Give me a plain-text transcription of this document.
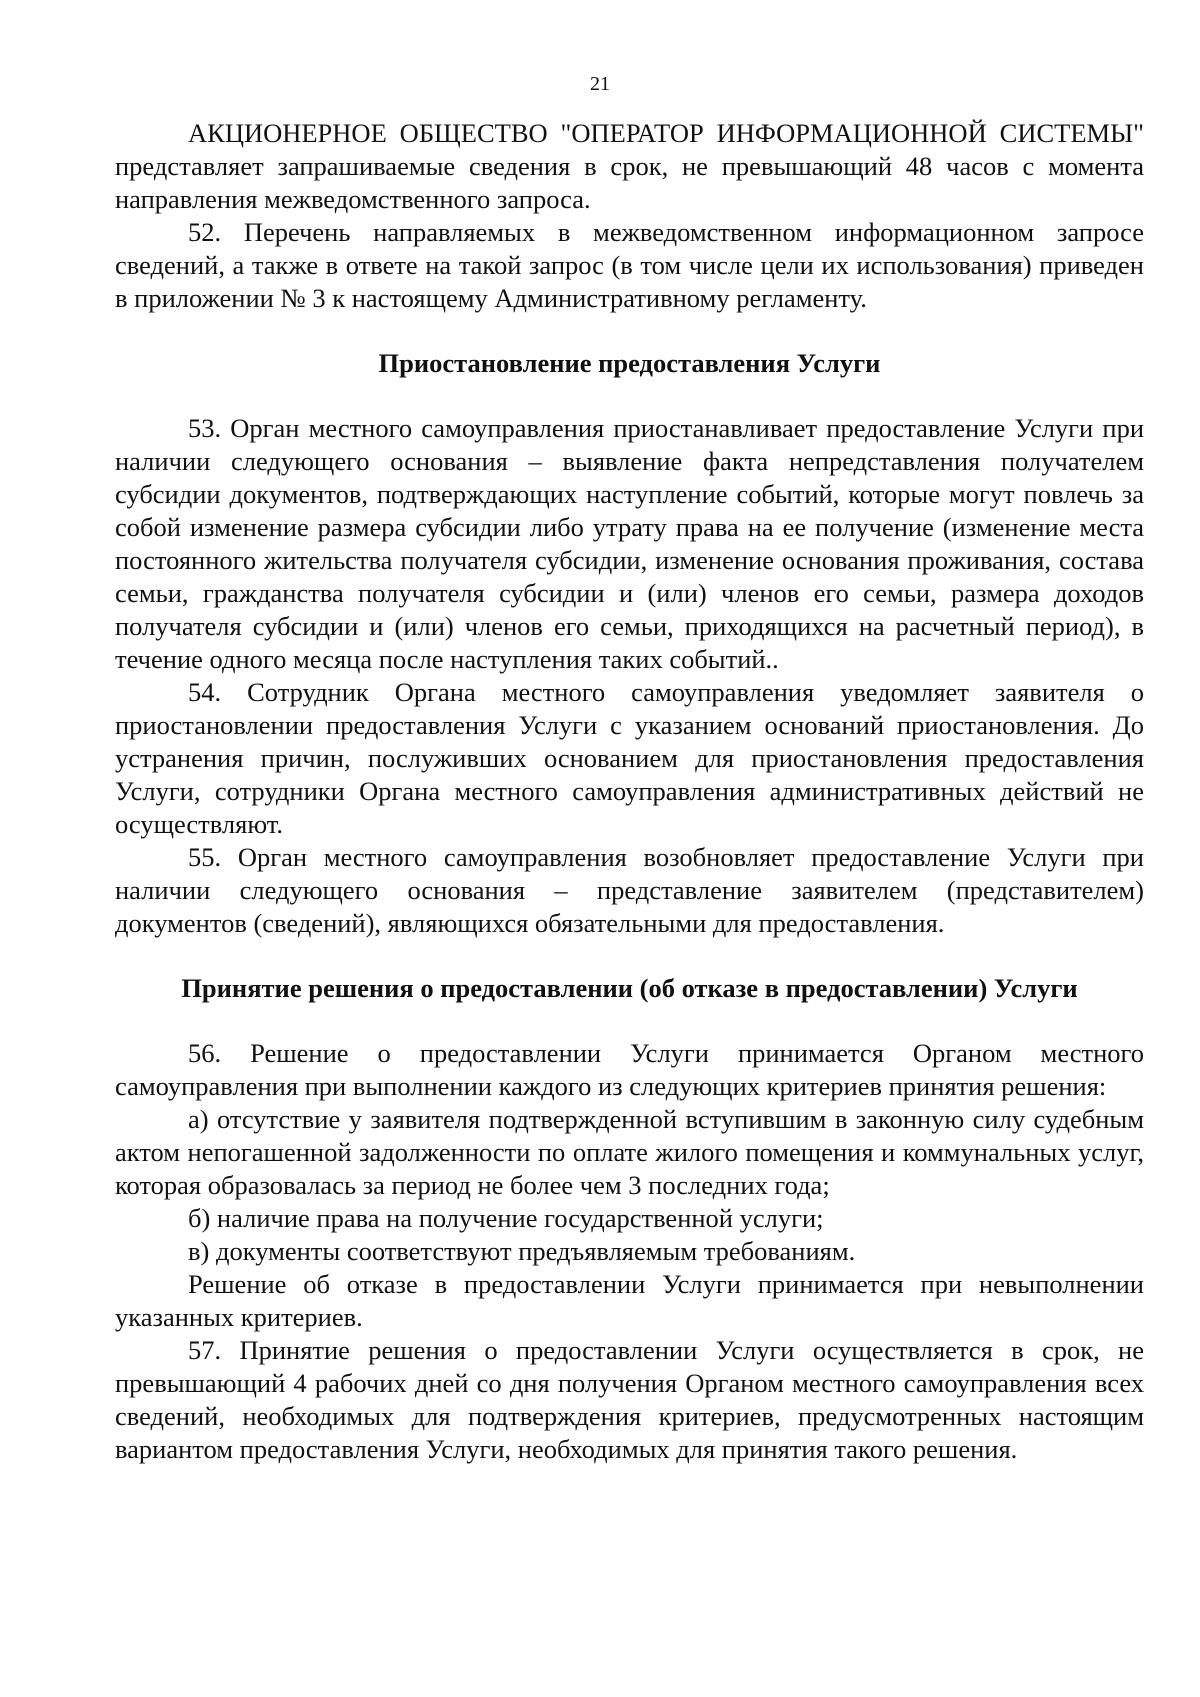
21

АКЦИОНЕРНОЕ ОБЩЕСТВО "ОПЕРАТОР ИНФОРМАЦИОННОЙ СИСТЕМЫ" представляет запрашиваемые сведения в срок, не превышающий 48 часов с момента направления межведомственного запроса.

52. Перечень направляемых в межведомственном информационном запросе сведений, а также в ответе на такой запрос (в том числе цели их использования) приведен в приложении № 3 к настоящему Административному регламенту.

Приостановление предоставления Услуги

53. Орган местного самоуправления приостанавливает предоставление Услуги при наличии следующего основания – выявление факта непредставления получателем субсидии документов, подтверждающих наступление событий, которые могут повлечь за собой изменение размера субсидии либо утрату права на ее получение (изменение места постоянного жительства получателя субсидии, изменение основания проживания, состава семьи, гражданства получателя субсидии и (или) членов его семьи, размера доходов получателя субсидии и (или) членов его семьи, приходящихся на расчетный период), в течение одного месяца после наступления таких событий..

54. Сотрудник Органа местного самоуправления уведомляет заявителя о приостановлении предоставления Услуги с указанием оснований приостановления. До устранения причин, послуживших основанием для приостановления предоставления Услуги, сотрудники Органа местного самоуправления административных действий не осуществляют.

55. Орган местного самоуправления возобновляет предоставление Услуги при наличии следующего основания – представление заявителем (представителем) документов (сведений), являющихся обязательными для предоставления.

Принятие решения о предоставлении (об отказе в предоставлении) Услуги

56. Решение о предоставлении Услуги принимается Органом местного самоуправления при выполнении каждого из следующих критериев принятия решения:

а) отсутствие у заявителя подтвержденной вступившим в законную силу судебным актом непогашенной задолженности по оплате жилого помещения и коммунальных услуг, которая образовалась за период не более чем 3 последних года;

б) наличие права на получение государственной услуги;

в) документы соответствуют предъявляемым требованиям.

Решение об отказе в предоставлении Услуги принимается при невыполнении указанных критериев.

57. Принятие решения о предоставлении Услуги осуществляется в срок, не превышающий 4 рабочих дней со дня получения Органом местного самоуправления всех сведений, необходимых для подтверждения критериев, предусмотренных настоящим вариантом предоставления Услуги, необходимых для принятия такого решения.
